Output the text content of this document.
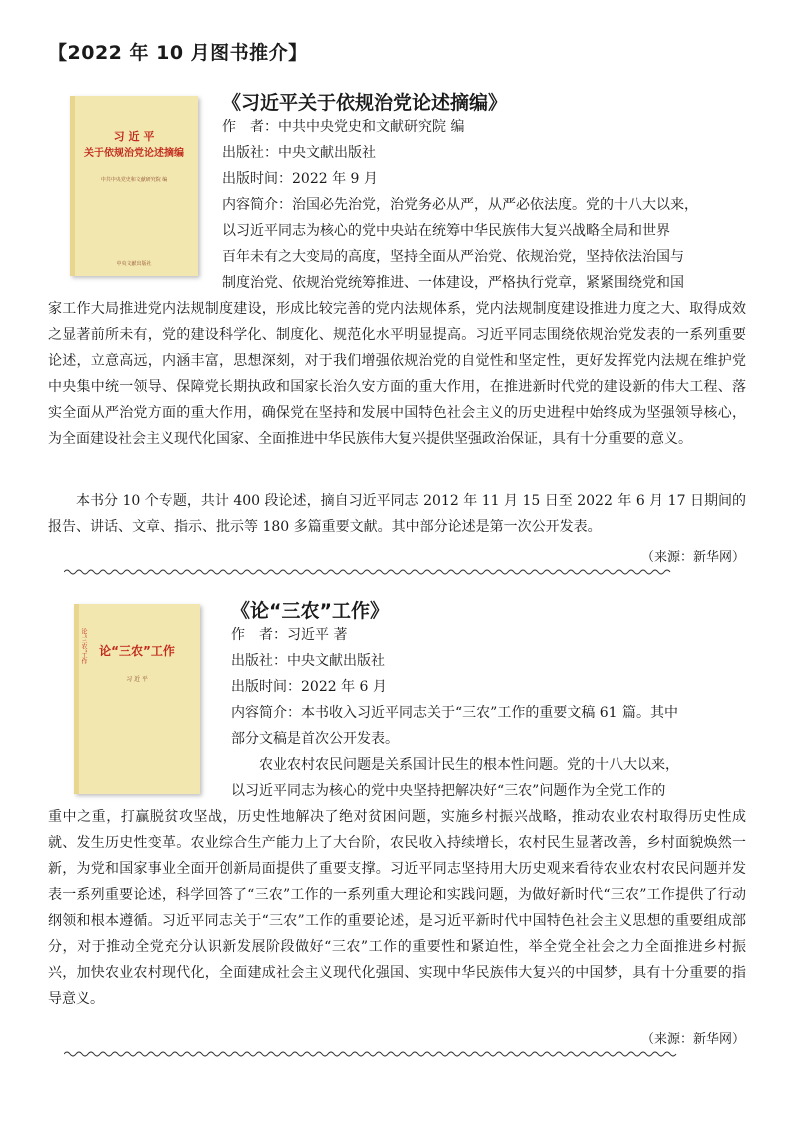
【2022 年 10 月图书推介】
习 近 平
关于依规治党论述摘编
中共中央党史和文献研究院 编
中央文献出版社
《习近平关于依规治党论述摘编》
作　者：中共中央党史和文献研究院 编
出版社：中央文献出版社
出版时间：2022 年 9 月
内容简介：治国必先治党，治党务必从严，从严必依法度。党的十八大以来，
以习近平同志为核心的党中央站在统筹中华民族伟大复兴战略全局和世界
百年未有之大变局的高度，坚持全面从严治党、依规治党，坚持依法治国与
制度治党、依规治党统筹推进、一体建设，严格执行党章，紧紧围绕党和国
家工作大局推进党内法规制度建设，形成比较完善的党内法规体系，党内法规制度建设推进力度之大、取得成效之显著前所未有，党的建设科学化、制度化、规范化水平明显提高。习近平同志围绕依规治党发表的一系列重要论述，立意高远，内涵丰富，思想深刻，对于我们增强依规治党的自觉性和坚定性，更好发挥党内法规在维护党中央集中统一领导、保障党长期执政和国家长治久安方面的重大作用，在推进新时代党的建设新的伟大工程、落实全面从严治党方面的重大作用，确保党在坚持和发展中国特色社会主义的历史进程中始终成为坚强领导核心，为全面建设社会主义现代化国家、全面推进中华民族伟大复兴提供坚强政治保证，具有十分重要的意义。
本书分 10 个专题，共计 400 段论述，摘自习近平同志 2012 年 11 月 15 日至 2022 年 6 月 17 日期间的报告、讲话、文章、指示、批示等 180 多篇重要文献。其中部分论述是第一次公开发表。
（来源：新华网）
论“三农”工作
习 近 平
论“三农”工作
《论“三农”工作》
作　者：习近平 著
出版社：中央文献出版社
出版时间：2022 年 6 月
内容简介：本书收入习近平同志关于“三农”工作的重要文稿 61 篇。其中
部分文稿是首次公开发表。
　　农业农村农民问题是关系国计民生的根本性问题。党的十八大以来，
以习近平同志为核心的党中央坚持把解决好“三农”问题作为全党工作的
重中之重，打赢脱贫攻坚战，历史性地解决了绝对贫困问题，实施乡村振兴战略，推动农业农村取得历史性成就、发生历史性变革。农业综合生产能力上了大台阶，农民收入持续增长，农村民生显著改善，乡村面貌焕然一新，为党和国家事业全面开创新局面提供了重要支撑。习近平同志坚持用大历史观来看待农业农村农民问题并发表一系列重要论述，科学回答了“三农”工作的一系列重大理论和实践问题，为做好新时代“三农”工作提供了行动纲领和根本遵循。习近平同志关于“三农”工作的重要论述，是习近平新时代中国特色社会主义思想的重要组成部分，对于推动全党充分认识新发展阶段做好“三农”工作的重要性和紧迫性，举全党全社会之力全面推进乡村振兴，加快农业农村现代化，全面建成社会主义现代化强国、实现中华民族伟大复兴的中国梦，具有十分重要的指导意义。
（来源：新华网）
